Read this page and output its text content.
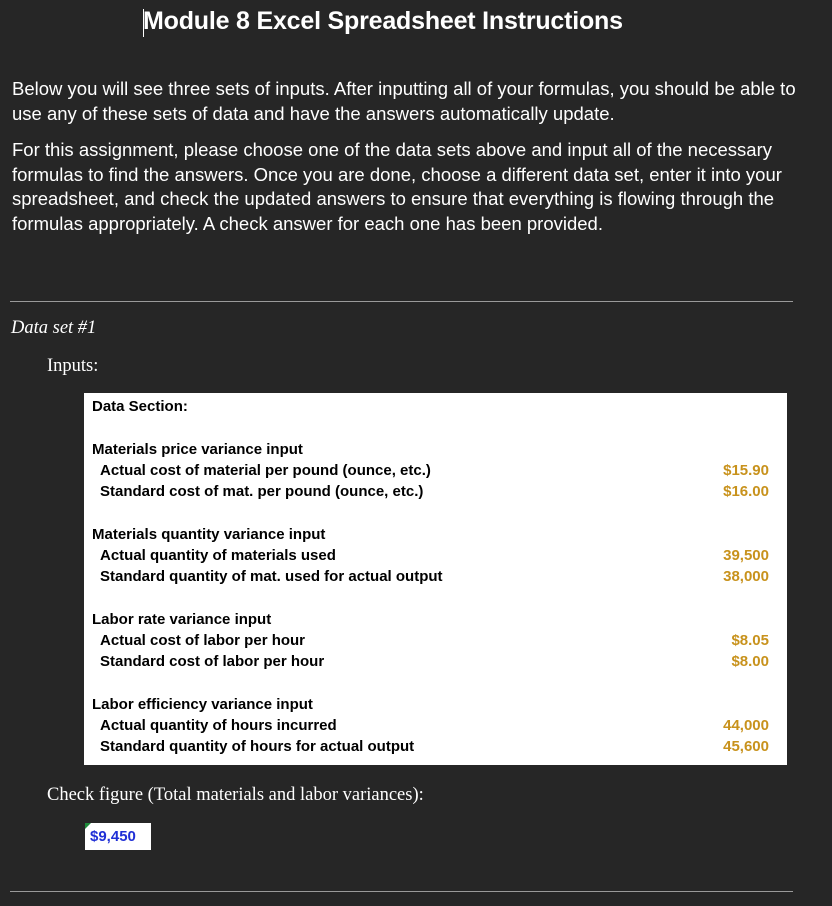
Module 8 Excel Spreadsheet Instructions
Below you will see three sets of inputs. After inputting all of your formulas, you should be able to use any of these sets of data and have the answers automatically update.
For this assignment, please choose one of the data sets above and input all of the necessary formulas to find the answers. Once you are done, choose a different data set, enter it into your spreadsheet, and check the updated answers to ensure that everything is flowing through the formulas appropriately. A check answer for each one has been provided.
Data set #1
Inputs:
Data Section:
Materials price variance input
Actual cost of material per pound (ounce, etc.)	$15.90
Standard cost of mat. per pound (ounce, etc.)	$16.00
Materials quantity variance input
Actual quantity of materials used	39,500
Standard quantity of mat. used for actual output	38,000
Labor rate variance input
Actual cost of labor per hour	$8.05
Standard cost of labor per hour	$8.00
Labor efficiency variance input
Actual quantity of hours incurred	44,000
Standard quantity of hours for actual output	45,600
Check figure (Total materials and labor variances):
$9,450
